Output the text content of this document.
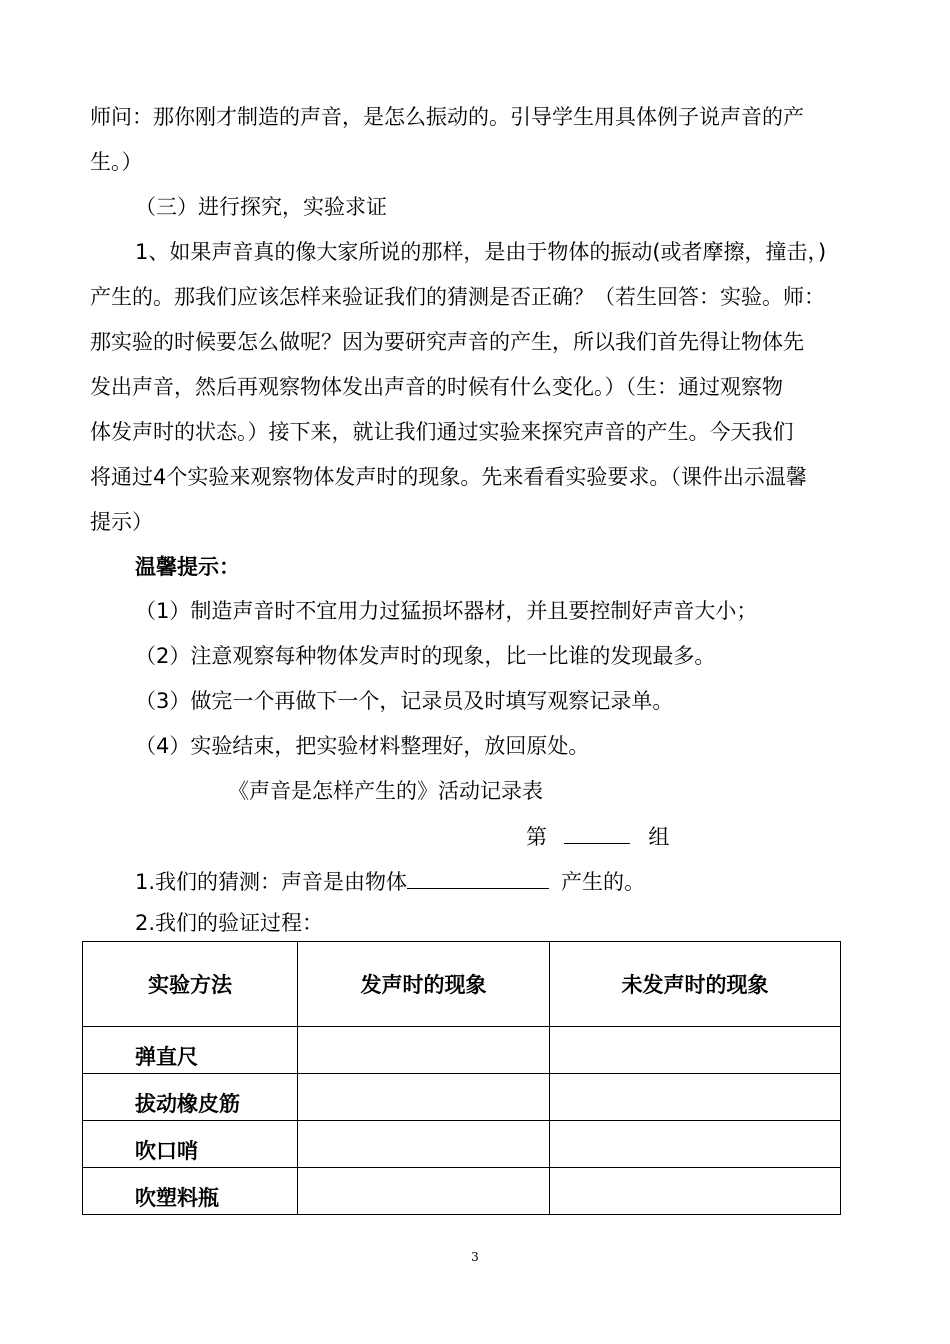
师问：那你刚才制造的声音，是怎么振动的。引导学生用具体例子说声音的产
生。）
（三）进行探究，实验求证
1、如果声音真的像大家所说的那样，是由于物体的振动(或者摩擦，撞击，)
产生的。那我们应该怎样来验证我们的猜测是否正确？（若生回答：实验。师：
那实验的时候要怎么做呢？因为要研究声音的产生，所以我们首先得让物体先
发出声音，然后再观察物体发出声音的时候有什么变化。）（生：通过观察物
体发声时的状态。）接下来，就让我们通过实验来探究声音的产生。今天我们
将通过4个实验来观察物体发声时的现象。先来看看实验要求。（课件出示温馨
提示）
温馨提示：
（1）制造声音时不宜用力过猛损坏器材，并且要控制好声音大小；
（2）注意观察每种物体发声时的现象，比一比谁的发现最多。
（3）做完一个再做下一个，记录员及时填写观察记录单。
（4）实验结束，把实验材料整理好，放回原处。
《声音是怎样产生的》活动记录表
第	组
1.我们的猜测：声音是由物体	产生的。
2.我们的验证过程：
实验方法	发声时的现象	未发声时的现象
弹直尺		
拔动橡皮筋		
吹口哨		
吹塑料瓶		
3
